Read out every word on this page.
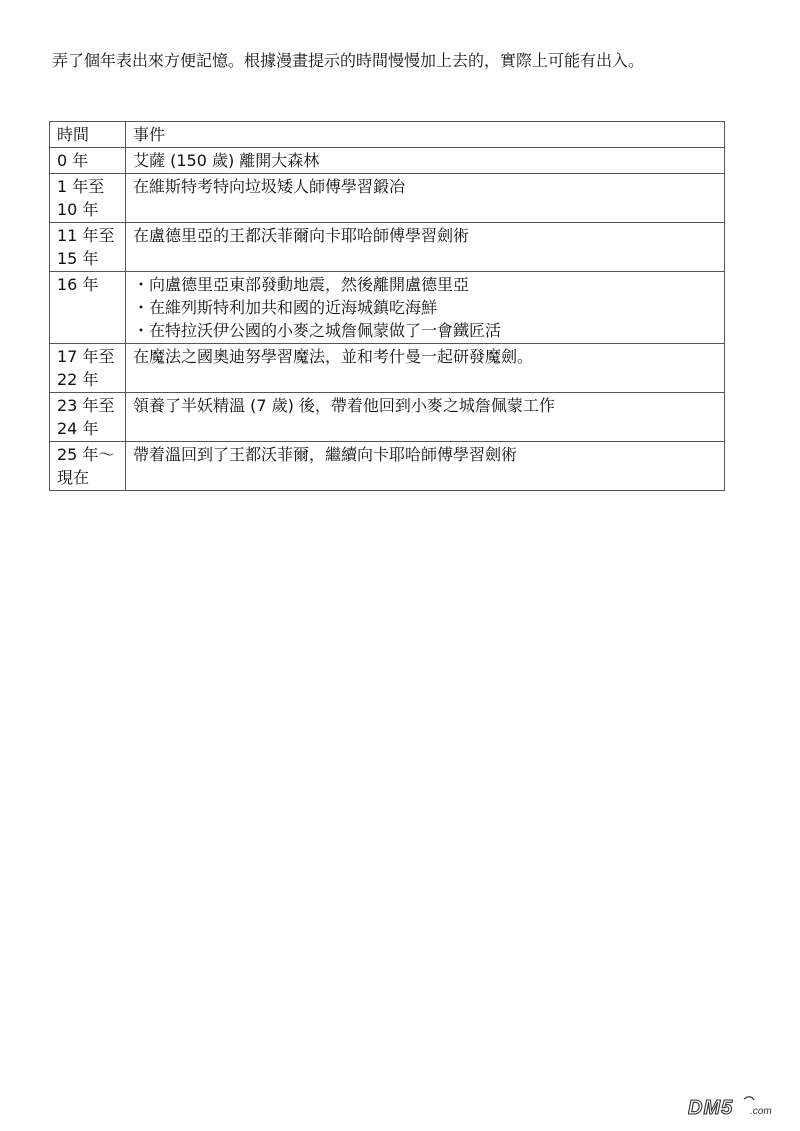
弄了個年表出來方便記憶。根據漫畫提示的時間慢慢加上去的，實際上可能有出入。
時間	事件

0 年	艾薩 (150 歲) 離開大森林

1 年至
10 年	在維斯特考特向垃圾矮人師傅學習鍛冶

11 年至
15 年	在盧德里亞的王都沃菲爾向卡耶哈師傅學習劍術

16 年	・向盧德里亞東部發動地震，然後離開盧德里亞
・在維列斯特利加共和國的近海城鎮吃海鮮
・在特拉沃伊公國的小麥之城詹佩蒙做了一會鐵匠活

17 年至
22 年	在魔法之國奧迪努學習魔法，並和考什曼一起研發魔劍。

23 年至
24 年	領養了半妖精溫 (7 歲) 後，帶着他回到小麥之城詹佩蒙工作

25 年～
現在	帶着溫回到了王都沃菲爾，繼續向卡耶哈師傅學習劍術
DM5 .com
